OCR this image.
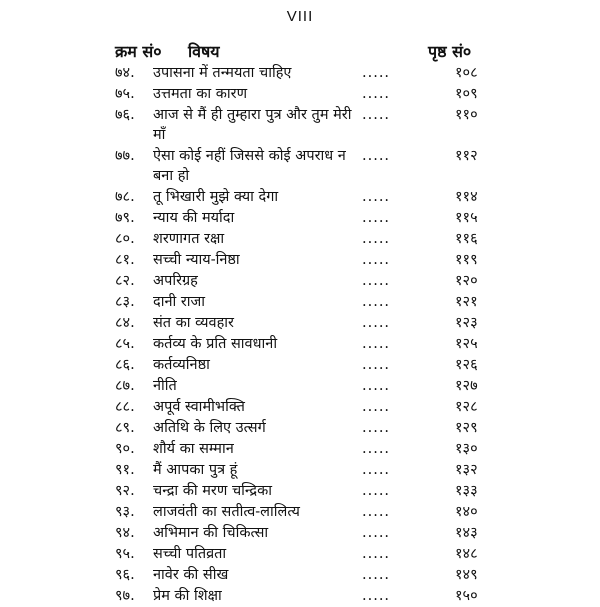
VIII
क्रम सं० विषय	पृष्ठ सं०
७४. उपासना में तन्मयता चाहिए	.....	१०८
७५. उत्तमता का कारण	.....	१०९
७६. आज से मैं ही तुम्हारा पुत्र और तुम मेरी माँ
.....	११०
७७. ऐसा कोई नहीं जिससे कोई अपराध न बना हो
.....	११२
७८. तू भिखारी मुझे क्या देगा	.....	११४
७९. न्याय की मर्यादा	.....	११५
८०. शरणागत रक्षा	.....	११६
८१. सच्ची न्याय-निष्ठा	.....	११९
८२. अपरिग्रह	.....	१२०
८३. दानी राजा	.....	१२१
८४. संत का व्यवहार	.....	१२३
८५. कर्तव्य के प्रति सावधानी	.....	१२५
८६. कर्तव्यनिष्ठा	.....	१२६
८७. नीति	.....	१२७
८८. अपूर्व स्वामीभक्ति	.....	१२८
८९. अतिथि के लिए उत्सर्ग	.....	१२९
९०. शौर्य का सम्मान	.....	१३०
९१. मैं आपका पुत्र हूं	.....	१३२
९२. चन्द्रा की मरण चन्द्रिका	.....	१३३
९३. लाजवंती का सतीत्व-लालित्य	.....	१४०
९४. अभिमान की चिकित्सा	.....	१४३
९५. सच्ची पतिव्रता	.....	१४८
९६. नावेर की सीख	.....	१४९
९७. प्रेम की शिक्षा	.....	१५०
